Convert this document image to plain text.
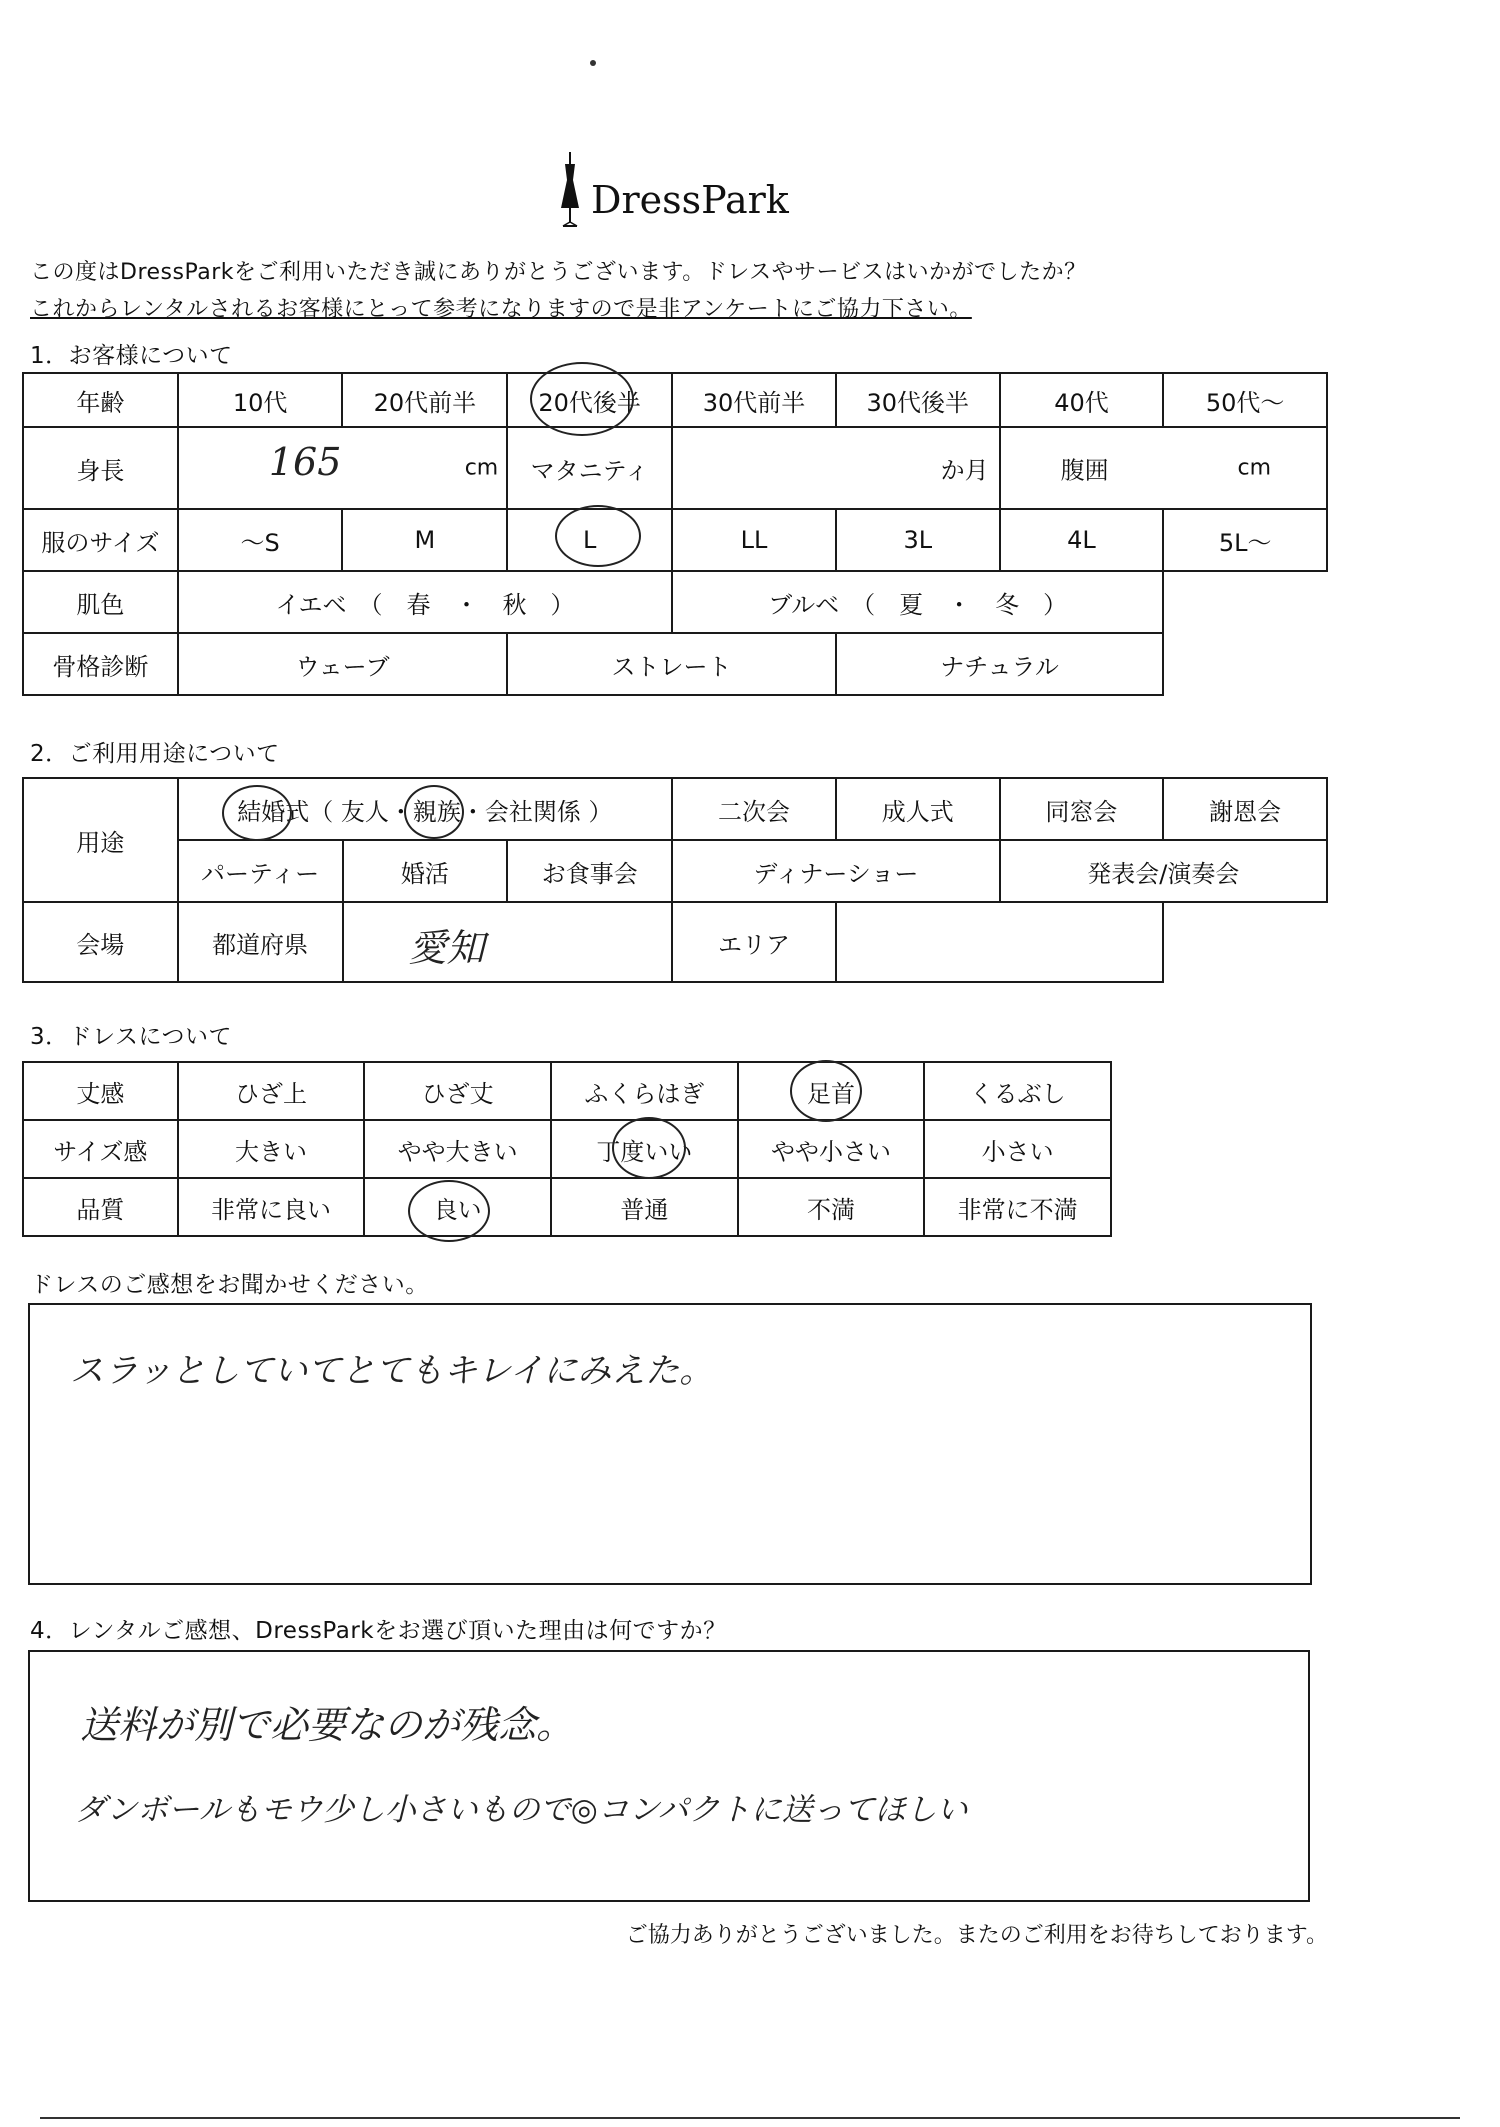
DressPark
この度はDressParkをご利用いただき誠にありがとうございます。ドレスやサービスはいかがでしたか？
これからレンタルされるお客様にとって参考になりますので是非アンケートにご協力下さい。
1．お客様について
年齢	10代	20代前半	20代後半	30代前半	30代後半	40代	50代〜
身長	165 cm		マタニティ	か月		腹囲 cm	

服のサイズ	〜S	M	L	LL	3L	4L	5L〜
肌色	イエベ　（　春　・　秋　）			ブルベ　（　夏　・　冬　）			
骨格診断	ウェーブ		ストレート		ナチュラル		
2．ご利用用途について
用途	結婚式（ 友人・親族・会社関係 ）			二次会	成人式	同窓会	謝恩会
	パーティー	婚活	お食事会	ディナーショー		発表会/演奏会	
会場	都道府県	愛知		エリア			
3．ドレスについて
丈感	ひざ上	ひざ丈	ふくらはぎ	足首	くるぶし
サイズ感	大きい	やや大きい	丁度いい	やや小さい	小さい
品質	非常に良い	良い	普通	不満	非常に不満
ドレスのご感想をお聞かせください。
スラッとしていてとてもキレイにみえた。
4．レンタルご感想、DressParkをお選び頂いた理由は何ですか？
送料が別で必要なのが残念。
ダンボールもモウ少し小さいもので◎コンパクトに送ってほしい
ご協力ありがとうございました。またのご利用をお待ちしております。
